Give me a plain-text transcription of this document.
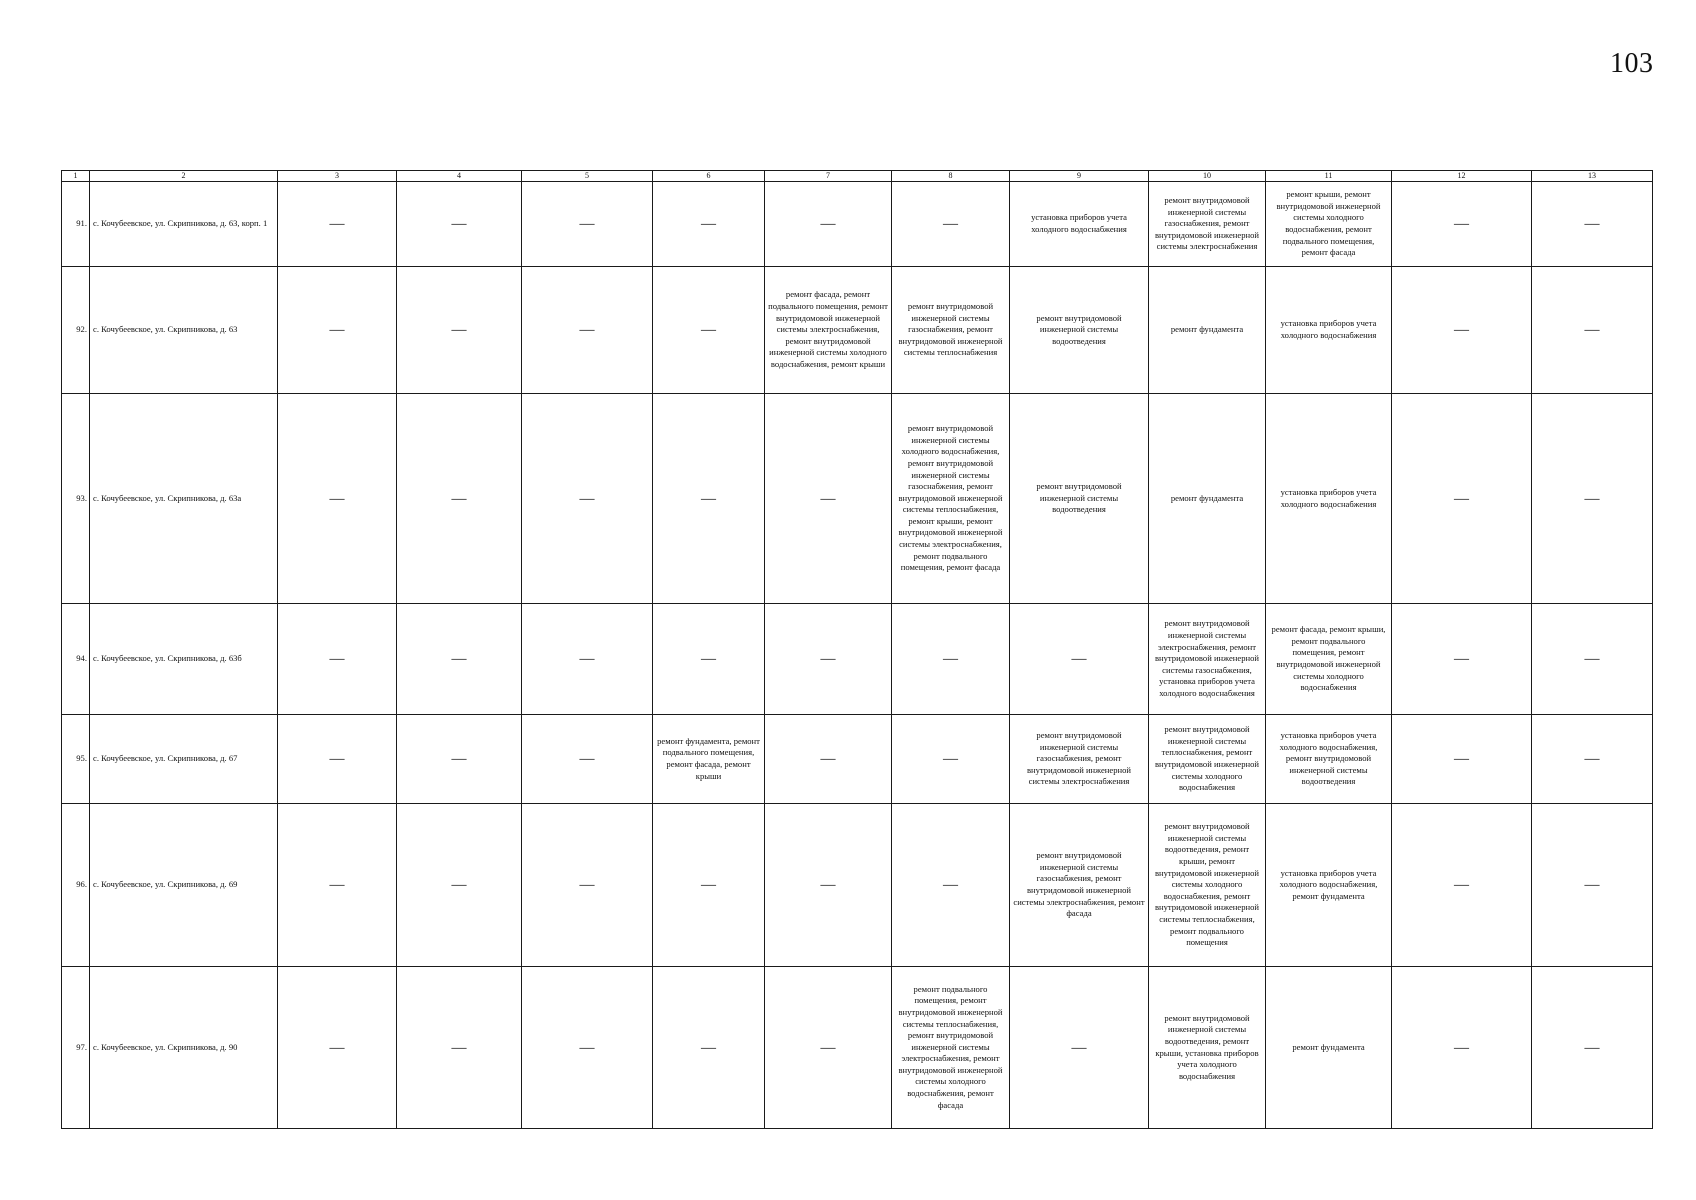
103
1	2	3	4	5	6	7	8	9	10	11	12	13
91.	с. Кочубеевское, ул. Скрипникова, д. 63, корп. 1	—	—	—	—	—	—	установка приборов учета холодного водоснабжения	ремонт внутридомовой инженерной системы газоснабжения, ремонт внутридомовой инженерной системы электроснабжения	ремонт крыши, ремонт внутридомовой инженерной системы холодного водоснабжения, ремонт подвального помещения, ремонт фасада	—	—
92.	с. Кочубеевское, ул. Скрипникова, д. 63	—	—	—	—	ремонт фасада, ремонт подвального помещения, ремонт внутридомовой инженерной системы электроснабжения, ремонт внутридомовой инженерной системы холодного водоснабжения, ремонт крыши	ремонт внутридомовой инженерной системы газоснабжения, ремонт внутридомовой инженерной системы теплоснабжения	ремонт внутридомовой инженерной системы водоотведения	ремонт фундамента	установка приборов учета холодного водоснабжения	—	—
93.	с. Кочубеевское, ул. Скрипникова, д. 63а	—	—	—	—	—	ремонт внутридомовой инженерной системы холодного водоснабжения, ремонт внутридомовой инженерной системы газоснабжения, ремонт внутридомовой инженерной системы теплоснабжения, ремонт крыши, ремонт внутридомовой инженерной системы электроснабжения, ремонт подвального помещения, ремонт фасада	ремонт внутридомовой инженерной системы водоотведения	ремонт фундамента	установка приборов учета холодного водоснабжения	—	—
94.	с. Кочубеевское, ул. Скрипникова, д. 63б	—	—	—	—	—	—	—	ремонт внутридомовой инженерной системы электроснабжения, ремонт внутридомовой инженерной системы газоснабжения, установка приборов учета холодного водоснабжения	ремонт фасада, ремонт крыши, ремонт подвального помещения, ремонт внутридомовой инженерной системы холодного водоснабжения	—	—
95.	с. Кочубеевское, ул. Скрипникова, д. 67	—	—	—	ремонт фундамента, ремонт подвального помещения, ремонт фасада, ремонт крыши	—	—	ремонт внутридомовой инженерной системы газоснабжения, ремонт внутридомовой инженерной системы электроснабжения	ремонт внутридомовой инженерной системы теплоснабжения, ремонт внутридомовой инженерной системы холодного водоснабжения	установка приборов учета холодного водоснабжения, ремонт внутридомовой инженерной системы водоотведения	—	—
96.	с. Кочубеевское, ул. Скрипникова, д. 69	—	—	—	—	—	—	ремонт внутридомовой инженерной системы газоснабжения, ремонт внутридомовой инженерной системы электроснабжения, ремонт фасада	ремонт внутридомовой инженерной системы водоотведения, ремонт крыши, ремонт внутридомовой инженерной системы холодного водоснабжения, ремонт внутридомовой инженерной системы теплоснабжения, ремонт подвального помещения	установка приборов учета холодного водоснабжения, ремонт фундамента	—	—
97.	с. Кочубеевское, ул. Скрипникова, д. 90	—	—	—	—	—	ремонт подвального помещения, ремонт внутридомовой инженерной системы теплоснабжения, ремонт внутридомовой инженерной системы электроснабжения, ремонт внутридомовой инженерной системы холодного водоснабжения, ремонт фасада	—	ремонт внутридомовой инженерной системы водоотведения, ремонт крыши, установка приборов учета холодного водоснабжения	ремонт фундамента	—	—
